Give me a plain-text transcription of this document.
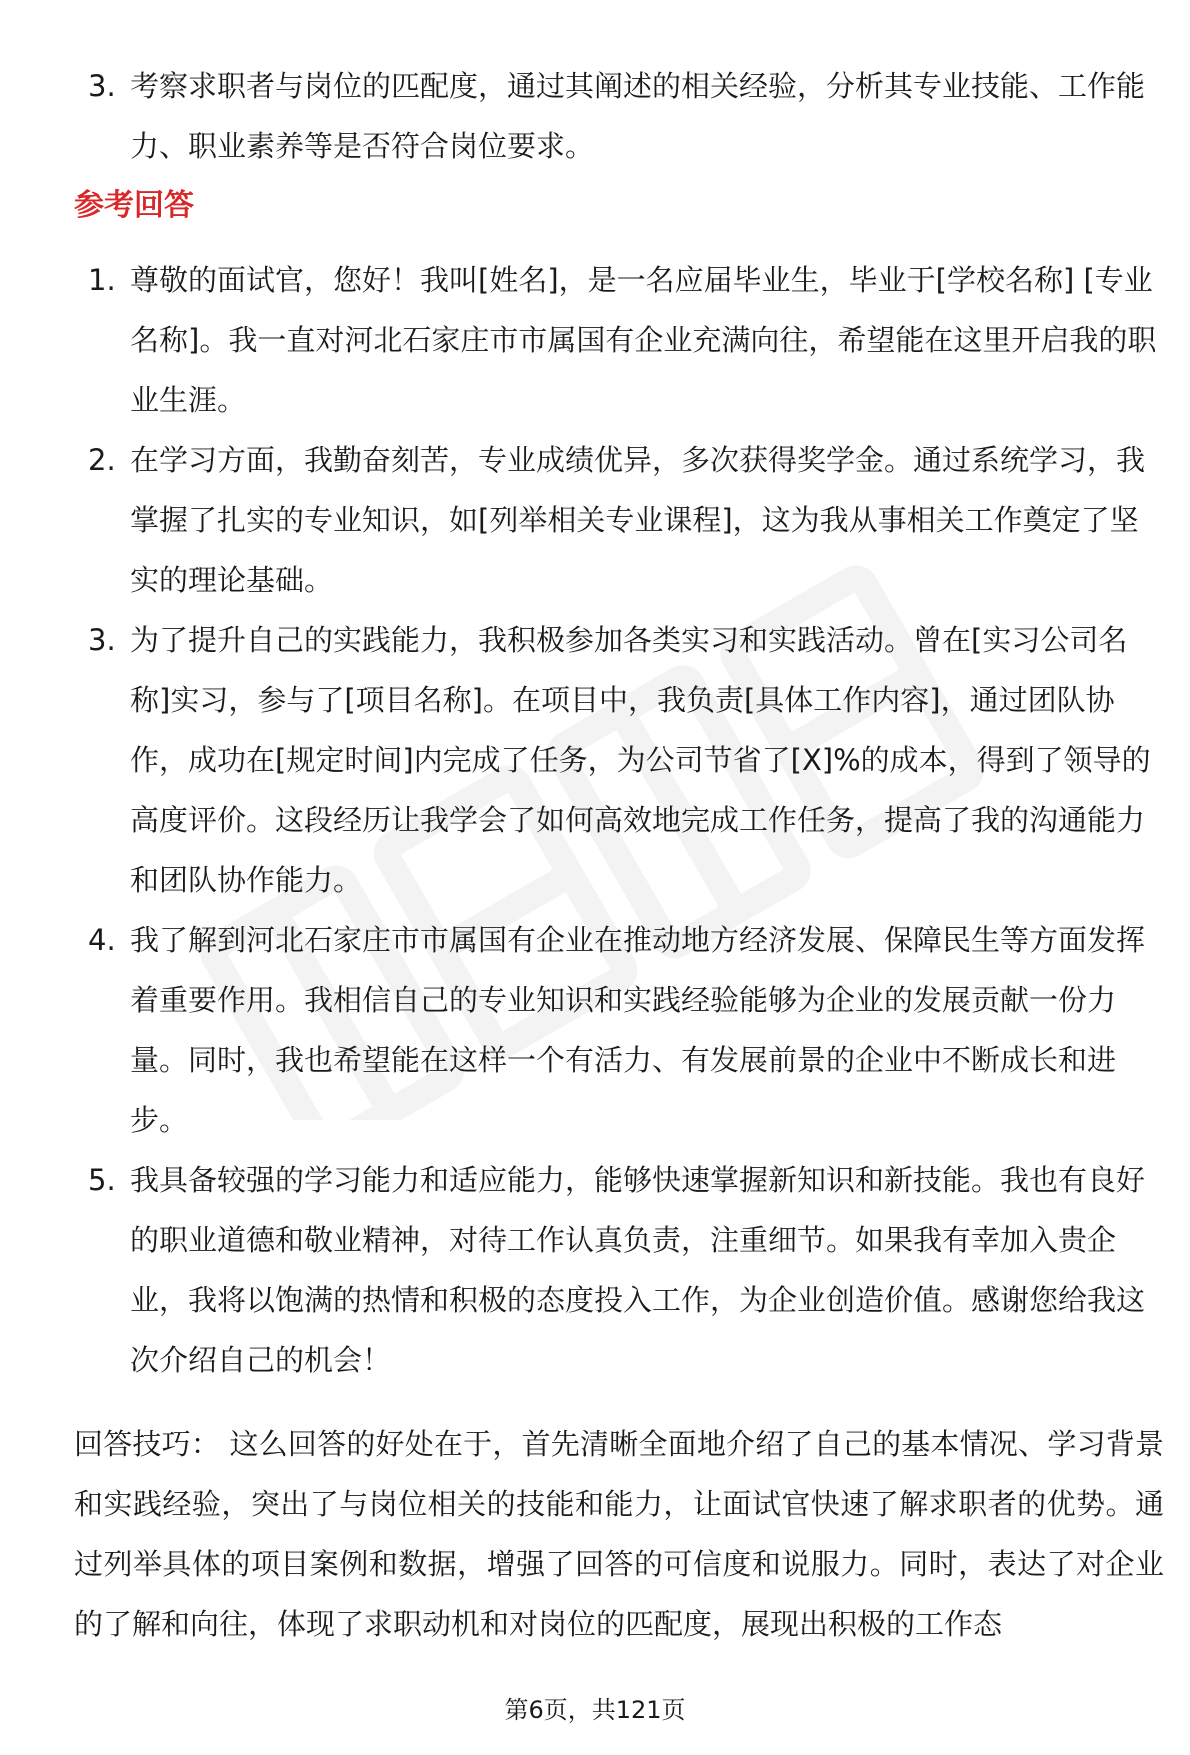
3. 考察求职者与岗位的匹配度，通过其阐述的相关经验，分析其专业技能、工作能力、职业素养等是否符合岗位要求。
参考回答
1. 尊敬的面试官，您好！我叫[姓名]，是一名应届毕业生，毕业于[学校名称] [专业名称]。我一直对河北石家庄市市属国有企业充满向往，希望能在这里开启我的职业生涯。
2. 在学习方面，我勤奋刻苦，专业成绩优异，多次获得奖学金。通过系统学习，我掌握了扎实的专业知识，如[列举相关专业课程]，这为我从事相关工作奠定了坚实的理论基础。
3. 为了提升自己的实践能力，我积极参加各类实习和实践活动。曾在[实习公司名称]实习，参与了[项目名称]。在项目中，我负责[具体工作内容]，通过团队协作，成功在[规定时间]内完成了任务，为公司节省了[X]%的成本，得到了领导的高度评价。这段经历让我学会了如何高效地完成工作任务，提高了我的沟通能力和团队协作能力。
4. 我了解到河北石家庄市市属国有企业在推动地方经济发展、保障民生等方面发挥着重要作用。我相信自己的专业知识和实践经验能够为企业的发展贡献一份力量。同时，我也希望能在这样一个有活力、有发展前景的企业中不断成长和进步。
5. 我具备较强的学习能力和适应能力，能够快速掌握新知识和新技能。我也有良好的职业道德和敬业精神，对待工作认真负责，注重细节。如果我有幸加入贵企业，我将以饱满的热情和积极的态度投入工作，为企业创造价值。感谢您给我这次介绍自己的机会！

回答技巧： 这么回答的好处在于，首先清晰全面地介绍了自己的基本情况、学习背景和实践经验，突出了与岗位相关的技能和能力，让面试官快速了解求职者的优势。通过列举具体的项目案例和数据，增强了回答的可信度和说服力。同时，表达了对企业的了解和向往，体现了求职动机和对岗位的匹配度，展现出积极的工作态

第6页，共121页
